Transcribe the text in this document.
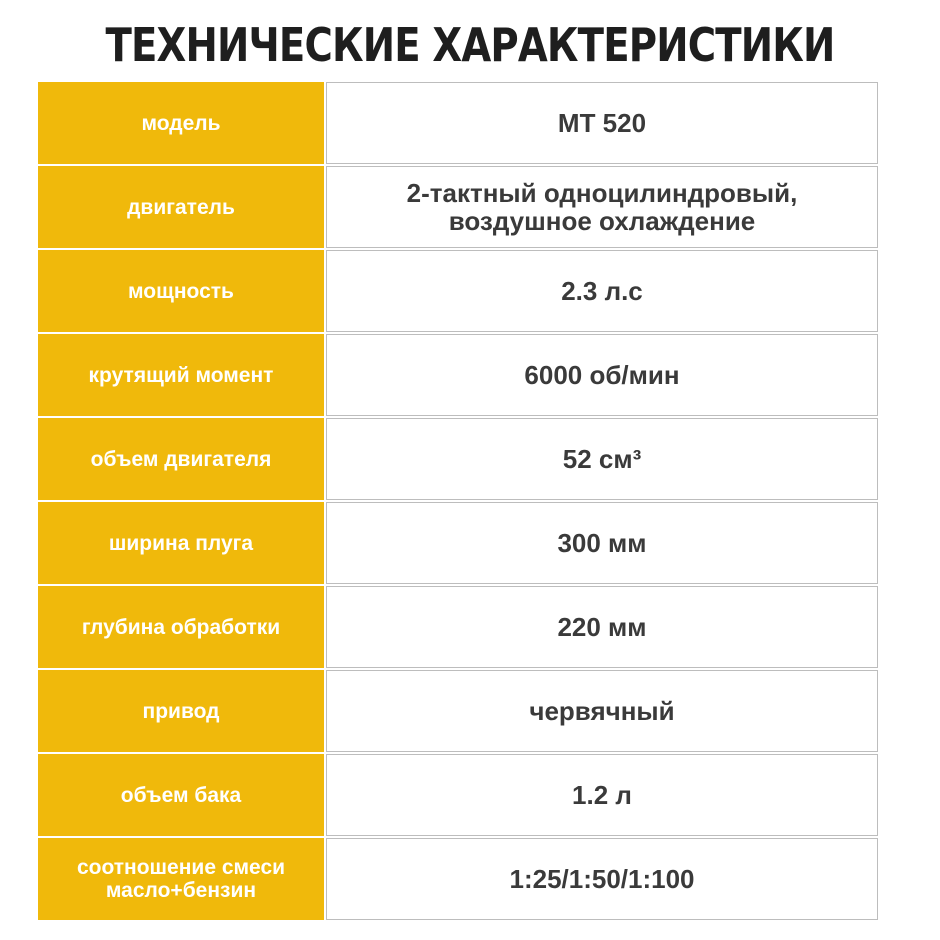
ТЕХНИЧЕСКИЕ ХАРАКТЕРИСТИКИ
модель	MT 520
двигатель	2-тактный одноцилиндровый,
воздушное охлаждение
мощность	2.3 л.с
крутящий момент	6000 об/мин
объем двигателя	52 см³
ширина плуга	300 мм
глубина обработки	220 мм
привод	червячный
объем бака	1.2 л
соотношение смеси
масло+бензин	1:25/1:50/1:100
